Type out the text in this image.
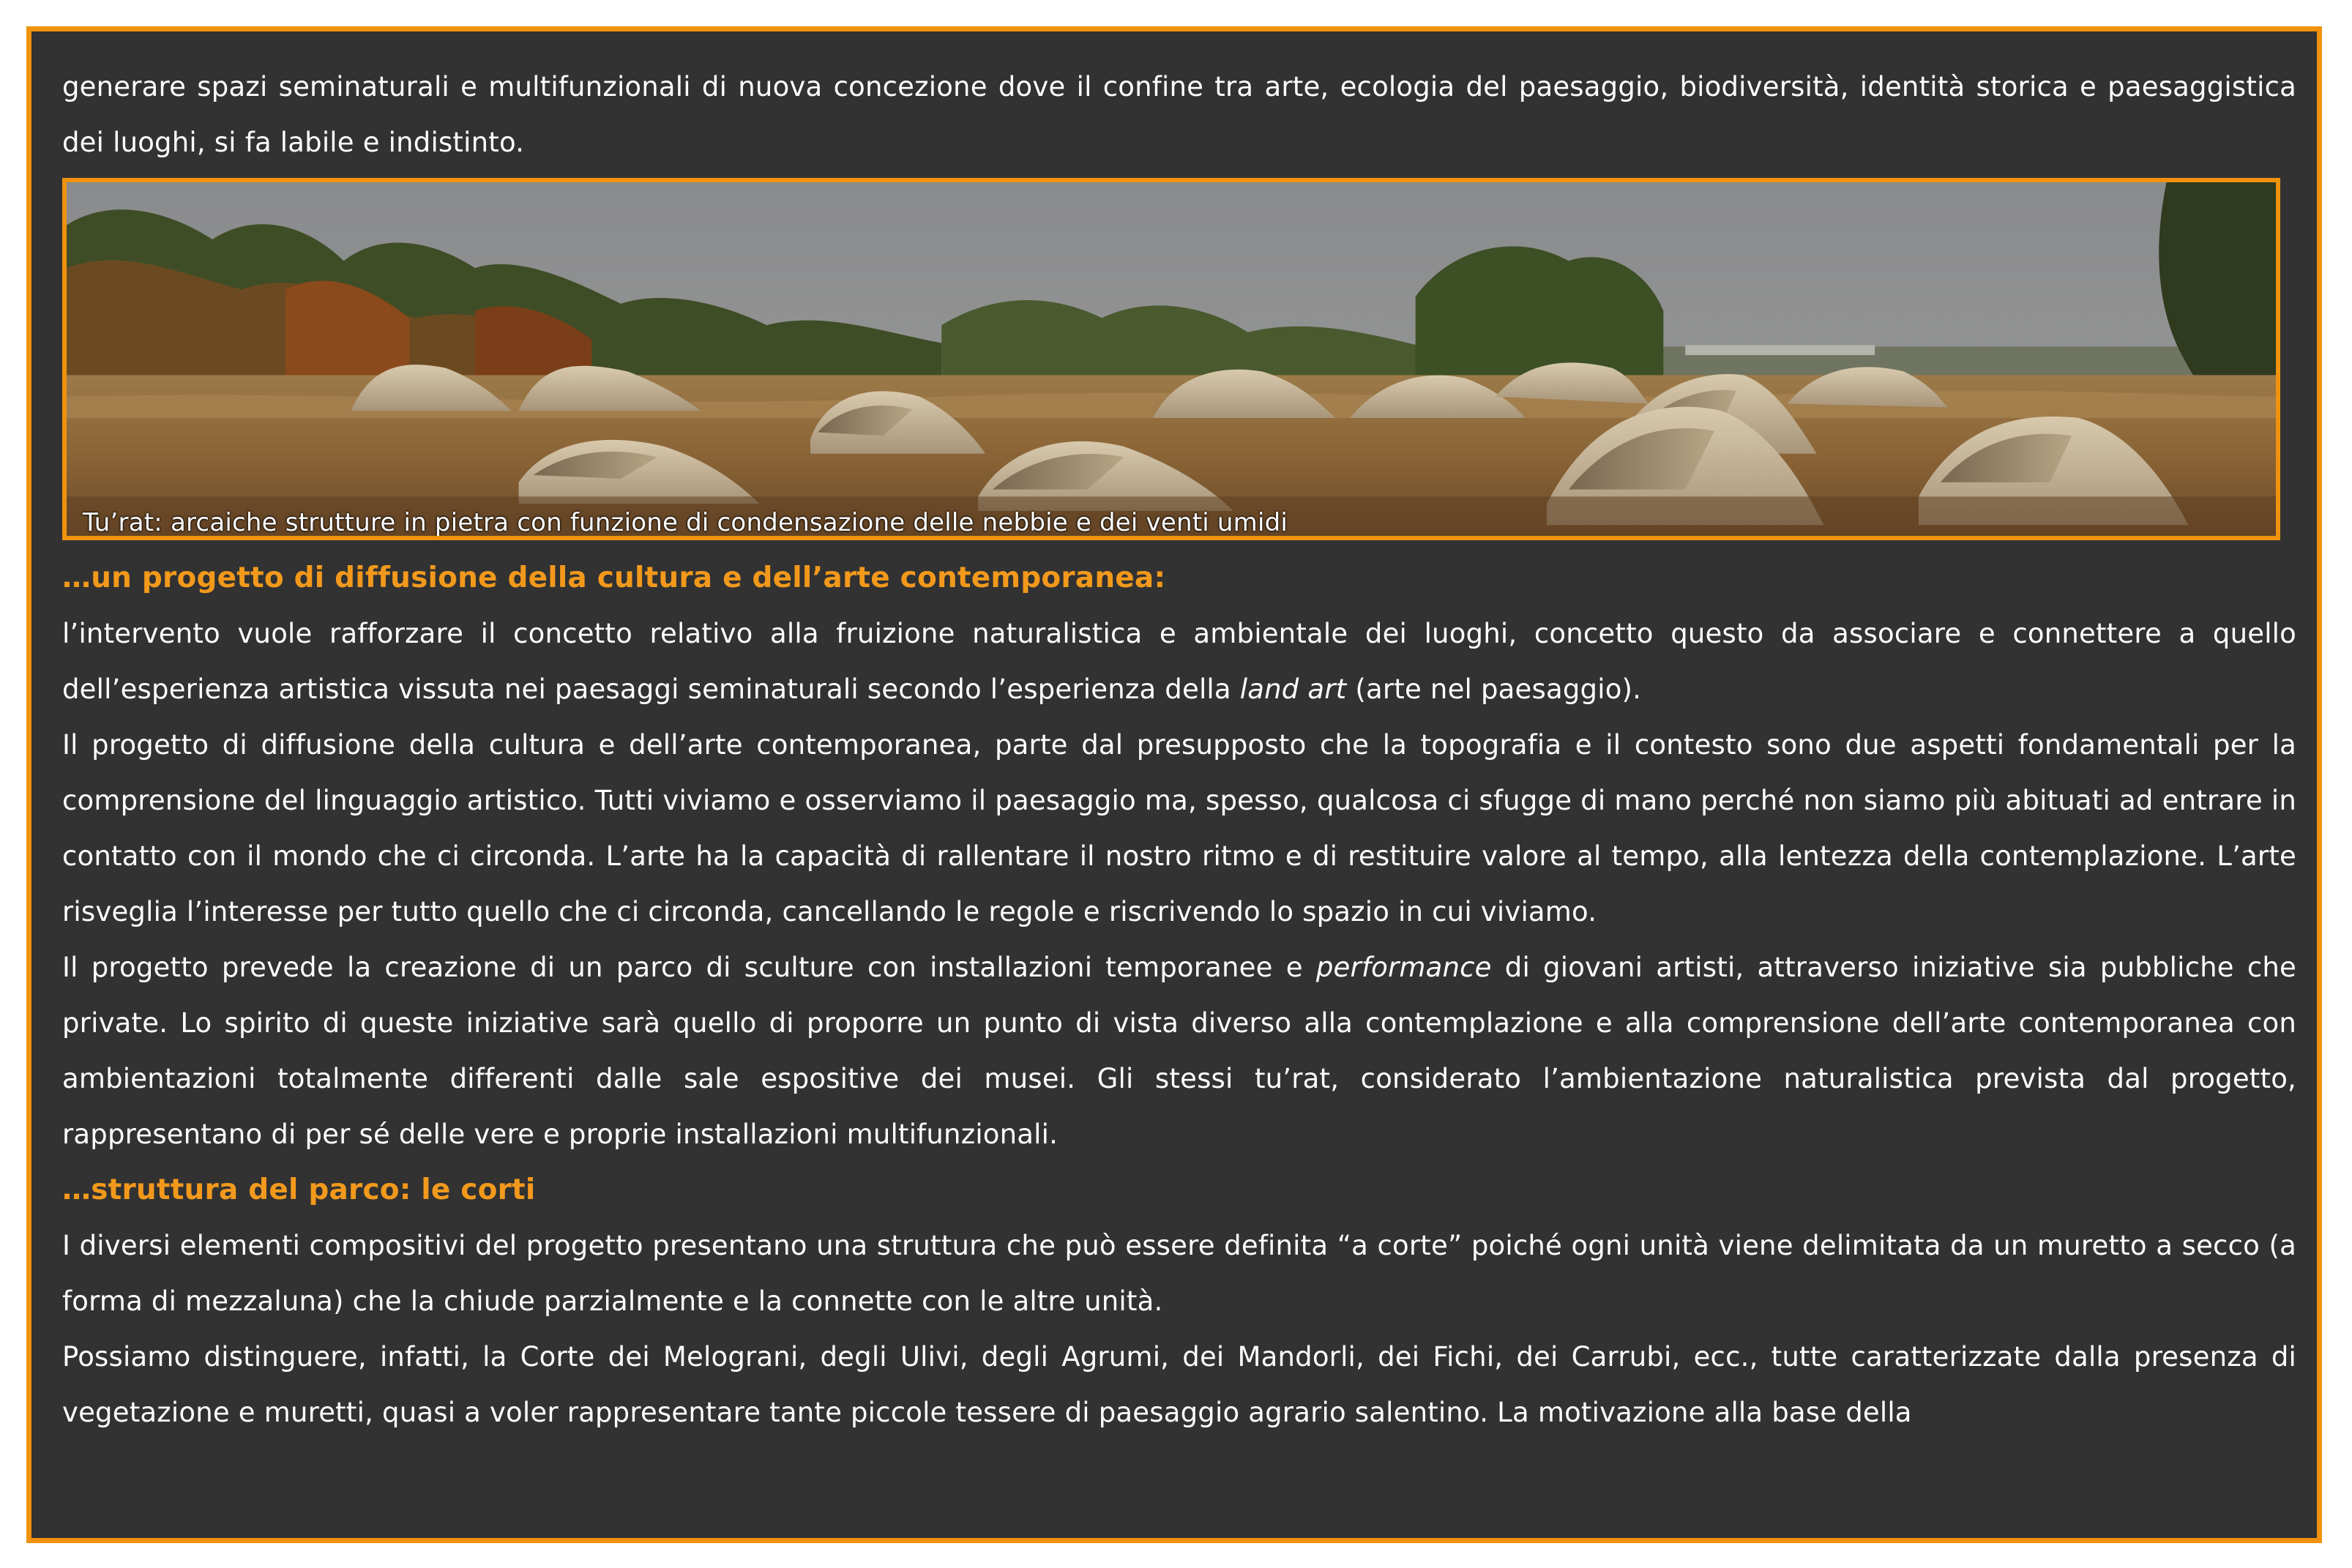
generare spazi seminaturali e multifunzionali di nuova concezione dove il confine tra arte, ecologia del paesaggio, biodiversità, identità storica e paesaggistica dei luoghi, si fa labile e indistinto.

Tu’rat: arcaiche strutture in pietra con funzione di condensazione delle nebbie e dei venti umidi
…un progetto di diffusione della cultura e dell’arte contemporanea:

l’intervento vuole rafforzare il concetto relativo alla fruizione naturalistica e ambientale dei luoghi, concetto questo da associare e connettere a quello dell’esperienza artistica vissuta nei paesaggi seminaturali secondo l’esperienza della land art (arte nel paesaggio).

Il progetto di diffusione della cultura e dell’arte contemporanea, parte dal presupposto che la topografia e il contesto sono due aspetti fondamentali per la comprensione del linguaggio artistico. Tutti viviamo e osserviamo il paesaggio ma, spesso, qualcosa ci sfugge di mano perché non siamo più abituati ad entrare in contatto con il mondo che ci circonda. L’arte ha la capacità di rallentare il nostro ritmo e di restituire valore al tempo, alla lentezza della contemplazione. L’arte risveglia l’interesse per tutto quello che ci circonda, cancellando le regole e riscrivendo lo spazio in cui viviamo.

Il progetto prevede la creazione di un parco di sculture con installazioni temporanee e performance di giovani artisti, attraverso iniziative sia pubbliche che private. Lo spirito di queste iniziative sarà quello di proporre un punto di vista diverso alla contemplazione e alla comprensione dell’arte contemporanea con ambientazioni totalmente differenti dalle sale espositive dei musei. Gli stessi tu’rat, considerato l’ambientazione naturalistica prevista dal progetto, rappresentano di per sé delle vere e proprie installazioni multifunzionali.

…struttura del parco: le corti

I diversi elementi compositivi del progetto presentano una struttura che può essere definita “a corte” poiché ogni unità viene delimitata da un muretto a secco (a forma di mezzaluna) che la chiude parzialmente e la connette con le altre unità.

Possiamo distinguere, infatti, la Corte dei Melograni, degli Ulivi, degli Agrumi, dei Mandorli, dei Fichi, dei Carrubi, ecc., tutte caratterizzate dalla presenza di vegetazione e muretti, quasi a voler rappresentare tante piccole tessere di paesaggio agrario salentino. La motivazione alla base della
